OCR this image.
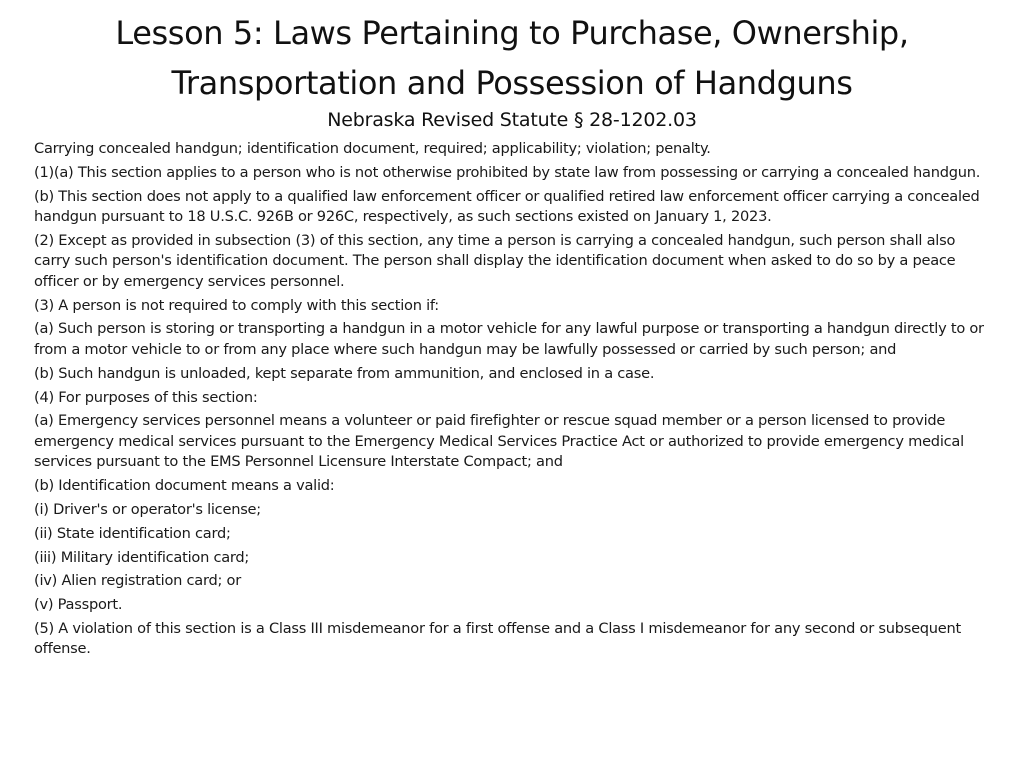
Lesson 5: Laws Pertaining to Purchase, Ownership, Transportation and Possession of Handguns
Nebraska Revised Statute § 28-1202.03

Carrying concealed handgun; identification document, required; applicability; violation; penalty.

(1)(a) This section applies to a person who is not otherwise prohibited by state law from possessing or carrying a concealed handgun.

(b) This section does not apply to a qualified law enforcement officer or qualified retired law enforcement officer carrying a concealed handgun pursuant to 18 U.S.C. 926B or 926C, respectively, as such sections existed on January 1, 2023.

(2) Except as provided in subsection (3) of this section, any time a person is carrying a concealed handgun, such person shall also carry such person's identification document. The person shall display the identification document when asked to do so by a peace officer or by emergency services personnel.

(3) A person is not required to comply with this section if:

(a) Such person is storing or transporting a handgun in a motor vehicle for any lawful purpose or transporting a handgun directly to or from a motor vehicle to or from any place where such handgun may be lawfully possessed or carried by such person; and

(b) Such handgun is unloaded, kept separate from ammunition, and enclosed in a case.

(4) For purposes of this section:

(a) Emergency services personnel means a volunteer or paid firefighter or rescue squad member or a person licensed to provide emergency medical services pursuant to the Emergency Medical Services Practice Act or authorized to provide emergency medical services pursuant to the EMS Personnel Licensure Interstate Compact; and

(b) Identification document means a valid:

(i) Driver's or operator's license;

(ii) State identification card;

(iii) Military identification card;

(iv) Alien registration card; or

(v) Passport.

(5) A violation of this section is a Class III misdemeanor for a first offense and a Class I misdemeanor for any second or subsequent offense.
